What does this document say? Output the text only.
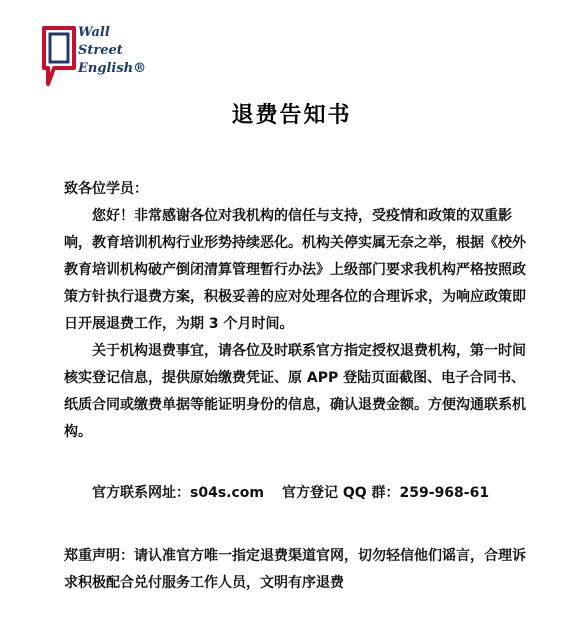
Wall
Street
English®
退费告知书

致各位学员：

您好！非常感谢各位对我机构的信任与支持，受疫情和政策的双重影响，教育培训机构行业形势持续恶化。机构关停实属无奈之举，根据《校外教育培训机构破产倒闭清算管理暂行办法》上级部门要求我机构严格按照政策方针执行退费方案，积极妥善的应对处理各位的合理诉求，为响应政策即日开展退费工作，为期 3 个月时间。

关于机构退费事宜，请各位及时联系官方指定授权退费机构，第一时间核实登记信息，提供原始缴费凭证、原 APP 登陆页面截图、电子合同书、纸质合同或缴费单据等能证明身份的信息，确认退费金额。方便沟通联系机构。

官方联系网址：s04s.com 官方登记 QQ 群：259-968-61

郑重声明：请认准官方唯一指定退费渠道官网，切勿轻信他们谣言，合理诉求积极配合兑付服务工作人员，文明有序退费
